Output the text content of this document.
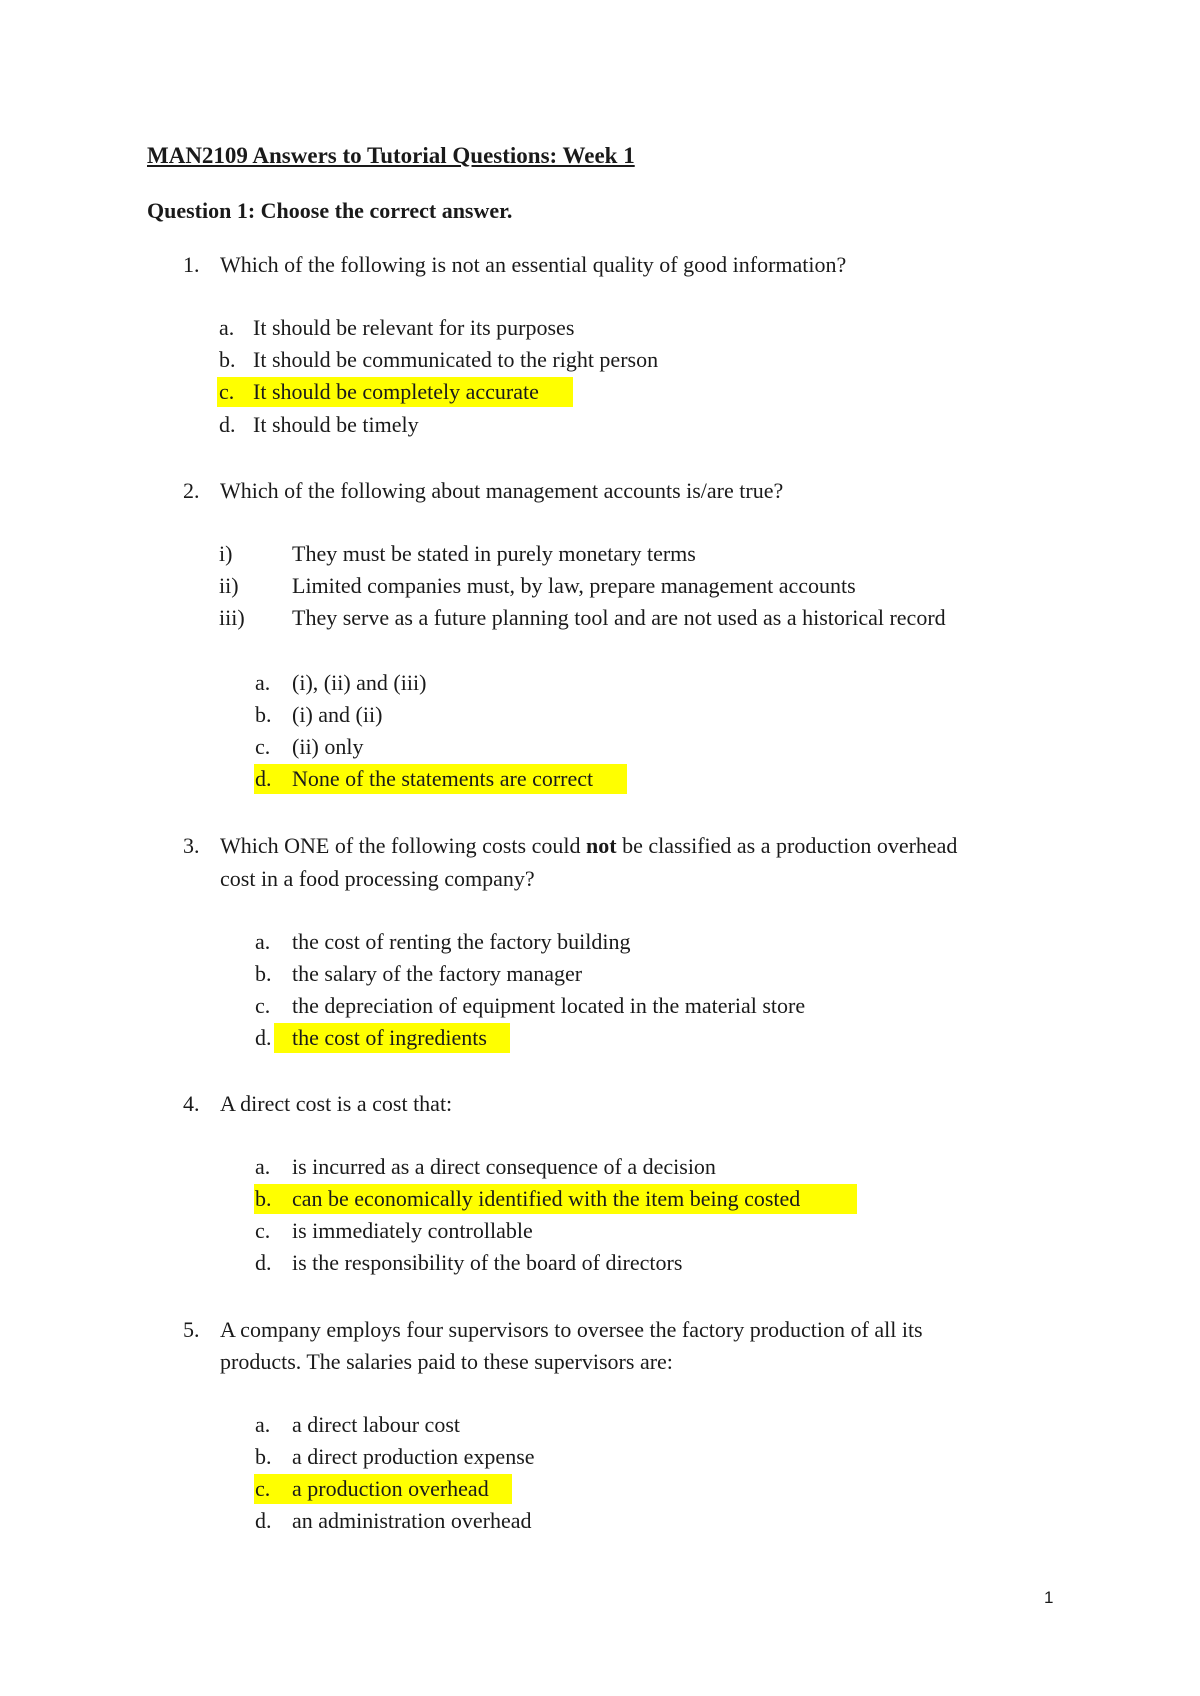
MAN2109 Answers to Tutorial Questions: Week 1
Question 1: Choose the correct answer.
1. Which of the following is not an essential quality of good information?
a. It should be relevant for its purposes
b. It should be communicated to the right person
c. It should be completely accurate
d. It should be timely
2. Which of the following about management accounts is/are true?
i)	They must be stated in purely monetary terms
ii) Limited companies must, by law, prepare management accounts
iii) They serve as a future planning tool and are not used as a historical record
a. (i), (ii) and (iii)
b. (i) and (ii)
c. (ii) only
d. None of the statements are correct
3. Which ONE of the following costs could not be classified as a production overhead
cost in a food processing company?
a. the cost of renting the factory building
b. the salary of the factory manager
c. the depreciation of equipment located in the material store
d. the cost of ingredients
4. A direct cost is a cost that:
a. is incurred as a direct consequence of a decision
b. can be economically identified with the item being costed
c. is immediately controllable
d. is the responsibility of the board of directors
5. A company employs four supervisors to oversee the factory production of all its
products. The salaries paid to these supervisors are:
a. a direct labour cost
b. a direct production expense
c. a production overhead
d. an administration overhead
1
